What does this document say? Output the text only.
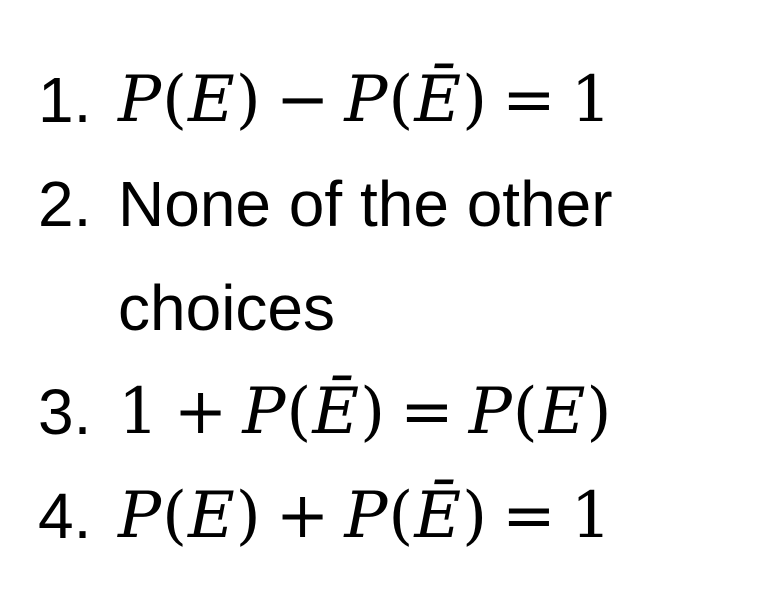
1. P(E) − P(Ē) = 1
2. None of the other choices
3. 1 + P(Ē) = P(E)
4. P(E) + P(Ē) = 1
